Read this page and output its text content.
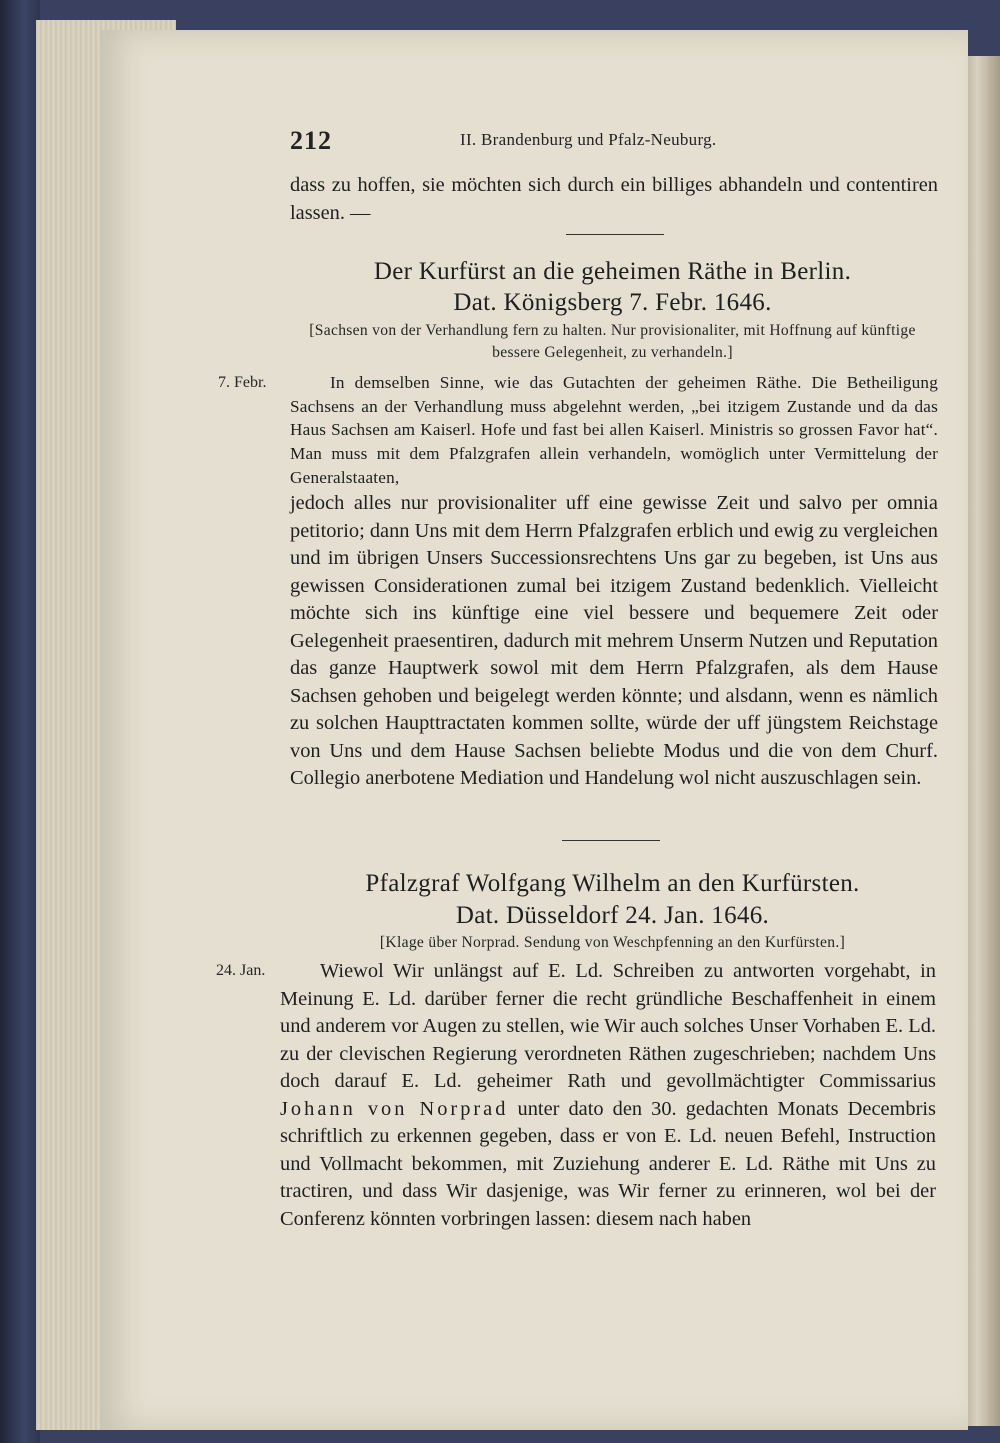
212	II. Brandenburg und Pfalz-Neuburg.

dass zu hoffen, sie möchten sich durch ein billiges abhandeln und contentiren lassen. —

Der Kurfürst an die geheimen Räthe in Berlin.
Dat. Königsberg 7. Febr. 1646.
[Sachsen von der Verhandlung fern zu halten. Nur provisionaliter, mit Hoffnung auf künftige bessere Gelegenheit, zu verhandeln.]
7. Febr.	In demselben Sinne, wie das Gutachten der geheimen Räthe. Die Betheiligung Sachsens an der Verhandlung muss abgelehnt werden, „bei itzigem Zustande und da das Haus Sachsen am Kaiserl. Hofe und fast bei allen Kaiserl. Ministris so grossen Favor hat“. Man muss mit dem Pfalzgrafen allein verhandeln, womöglich unter Vermittelung der Generalstaaten,

jedoch alles nur provisionaliter uff eine gewisse Zeit und salvo per omnia petitorio; dann Uns mit dem Herrn Pfalzgrafen erblich und ewig zu vergleichen und im übrigen Unsers Successionsrechtens Uns gar zu begeben, ist Uns aus gewissen Considerationen zumal bei itzigem Zustand bedenklich. Vielleicht möchte sich ins künftige eine viel bessere und bequemere Zeit oder Gelegenheit praesentiren, dadurch mit mehrem Unserm Nutzen und Reputation das ganze Hauptwerk sowol mit dem Herrn Pfalzgrafen, als dem Hause Sachsen gehoben und beigelegt werden könnte; und alsdann, wenn es nämlich zu solchen Haupttractaten kommen sollte, würde der uff jüngstem Reichstage von Uns und dem Hause Sachsen beliebte Modus und die von dem Churf. Collegio anerbotene Mediation und Handelung wol nicht auszuschlagen sein.

Pfalzgraf Wolfgang Wilhelm an den Kurfürsten.
Dat. Düsseldorf 24. Jan. 1646.
[Klage über Norprad. Sendung von Weschpfenning an den Kurfürsten.]
24. Jan.	Wiewol Wir unlängst auf E. Ld. Schreiben zu antworten vorgehabt, in Meinung E. Ld. darüber ferner die recht gründliche Beschaffenheit in einem und anderem vor Augen zu stellen, wie Wir auch solches Unser Vorhaben E. Ld. zu der clevischen Regierung verordneten Räthen zugeschrieben; nachdem Uns doch darauf E. Ld. geheimer Rath und gevollmächtigter Commissarius Johann von Norprad unter dato den 30. gedachten Monats Decembris schriftlich zu erkennen gegeben, dass er von E. Ld. neuen Befehl, Instruction und Vollmacht bekommen, mit Zuziehung anderer E. Ld. Räthe mit Uns zu tractiren, und dass Wir dasjenige, was Wir ferner zu erinneren, wol bei der Conferenz könnten vorbringen lassen: diesem nach haben
